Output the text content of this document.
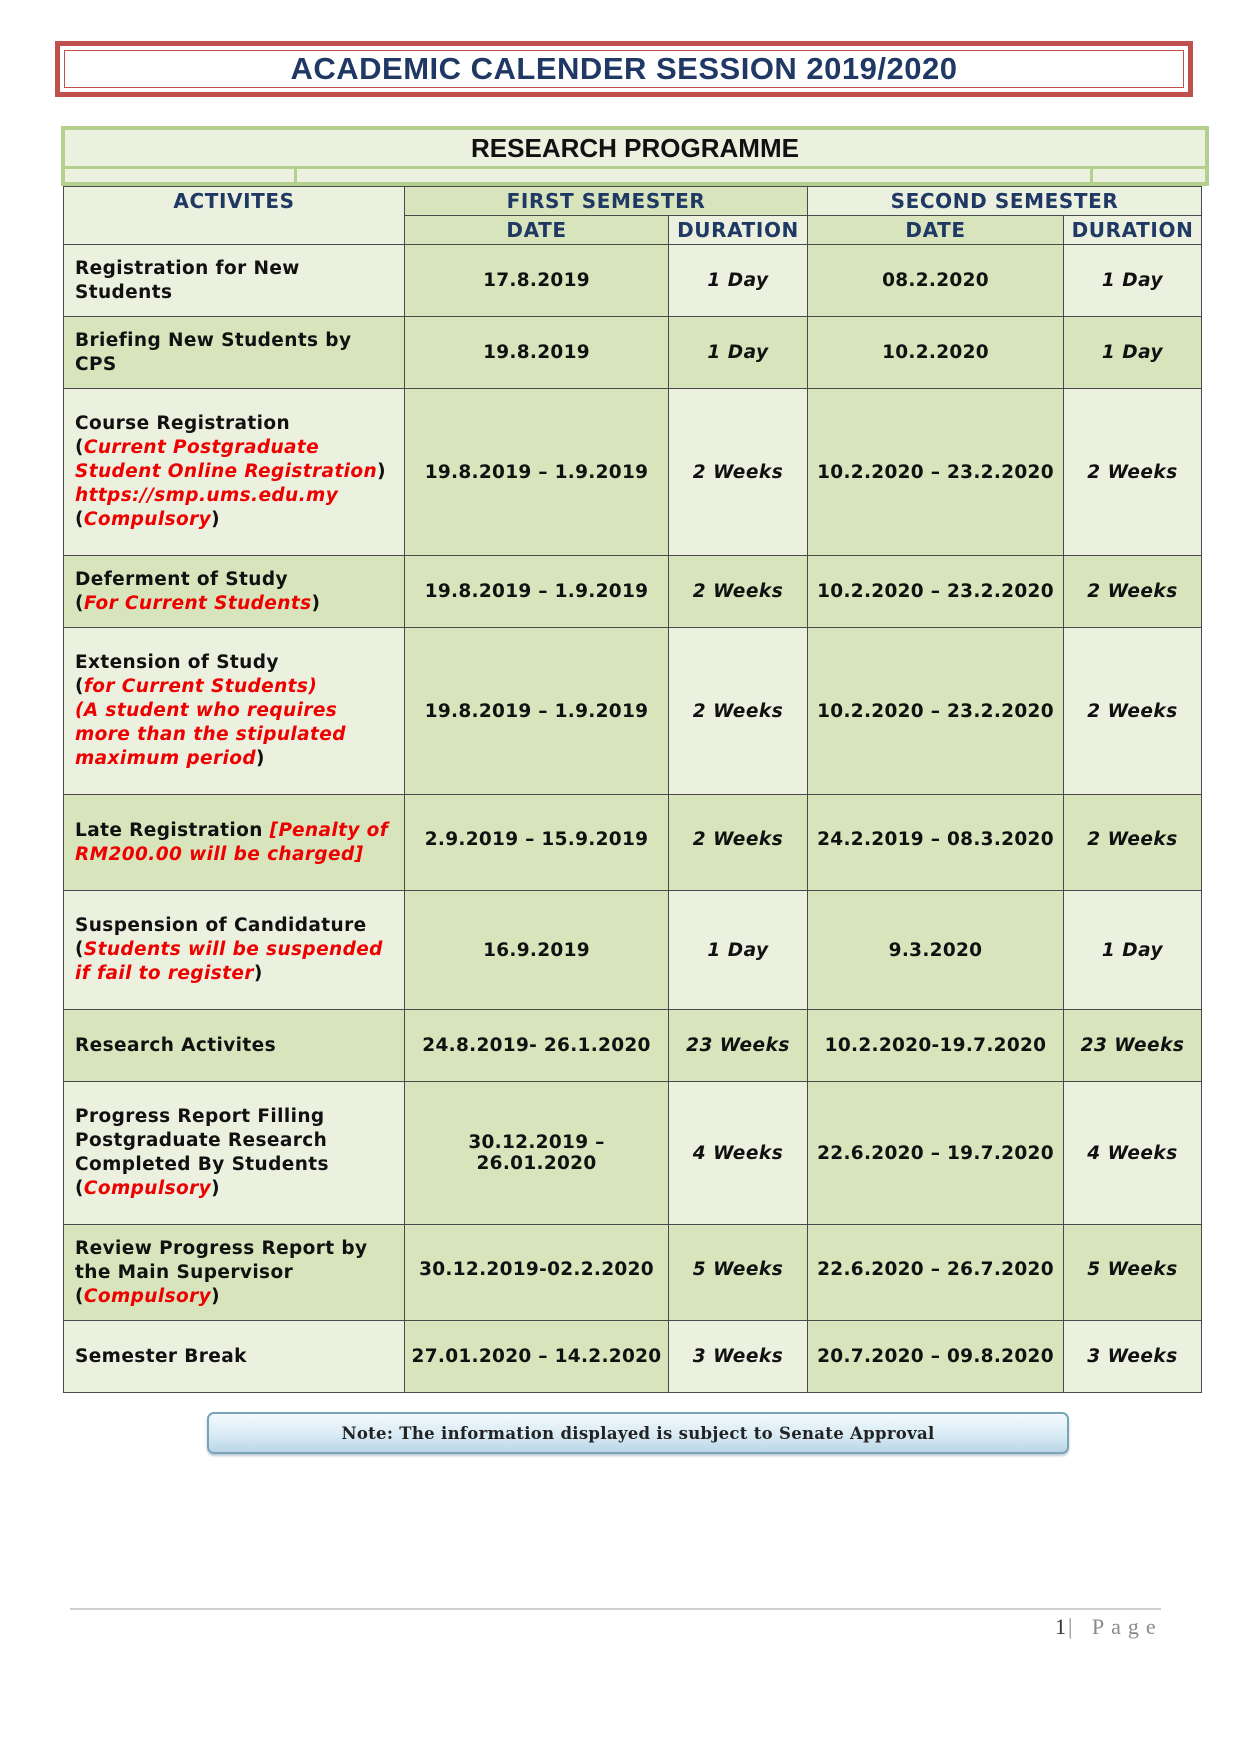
ACADEMIC CALENDER SESSION 2019/2020
RESEARCH PROGRAMME
ACTIVITES	FIRST SEMESTER		SECOND SEMESTER	
	DATE	DURATION	DATE	DURATION
Registration for New Students	17.8.2019	1 Day	08.2.2020	1 Day
Briefing New Students by CPS	19.8.2019	1 Day	10.2.2020	1 Day
Course Registration
(Current Postgraduate Student Online Registration)
https://smp.ums.edu.my
(Compulsory)	19.8.2019 – 1.9.2019	2 Weeks	10.2.2020 – 23.2.2020	2 Weeks
Deferment of Study
(For Current Students)	19.8.2019 – 1.9.2019	2 Weeks	10.2.2020 – 23.2.2020	2 Weeks
Extension of Study
(for Current Students)
(A student who requires more than the stipulated maximum period)	19.8.2019 – 1.9.2019	2 Weeks	10.2.2020 – 23.2.2020	2 Weeks
Late Registration [Penalty of RM200.00 will be charged]	2.9.2019 – 15.9.2019	2 Weeks	24.2.2019 – 08.3.2020	2 Weeks
Suspension of Candidature
(Students will be suspended if fail to register)	16.9.2019	1 Day	9.3.2020	1 Day
Research Activites	24.8.2019- 26.1.2020	23 Weeks	10.2.2020-19.7.2020	23 Weeks
Progress Report Filling Postgraduate Research Completed By Students
(Compulsory)	30.12.2019 – 26.01.2020	4 Weeks	22.6.2020 – 19.7.2020	4 Weeks
Review Progress Report by the Main Supervisor (Compulsory)	30.12.2019-02.2.2020	5 Weeks	22.6.2020 – 26.7.2020	5 Weeks
Semester Break	27.01.2020 – 14.2.2020	3 Weeks	20.7.2020 – 09.8.2020	3 Weeks
Note: The information displayed is subject to Senate Approval
1| Page
